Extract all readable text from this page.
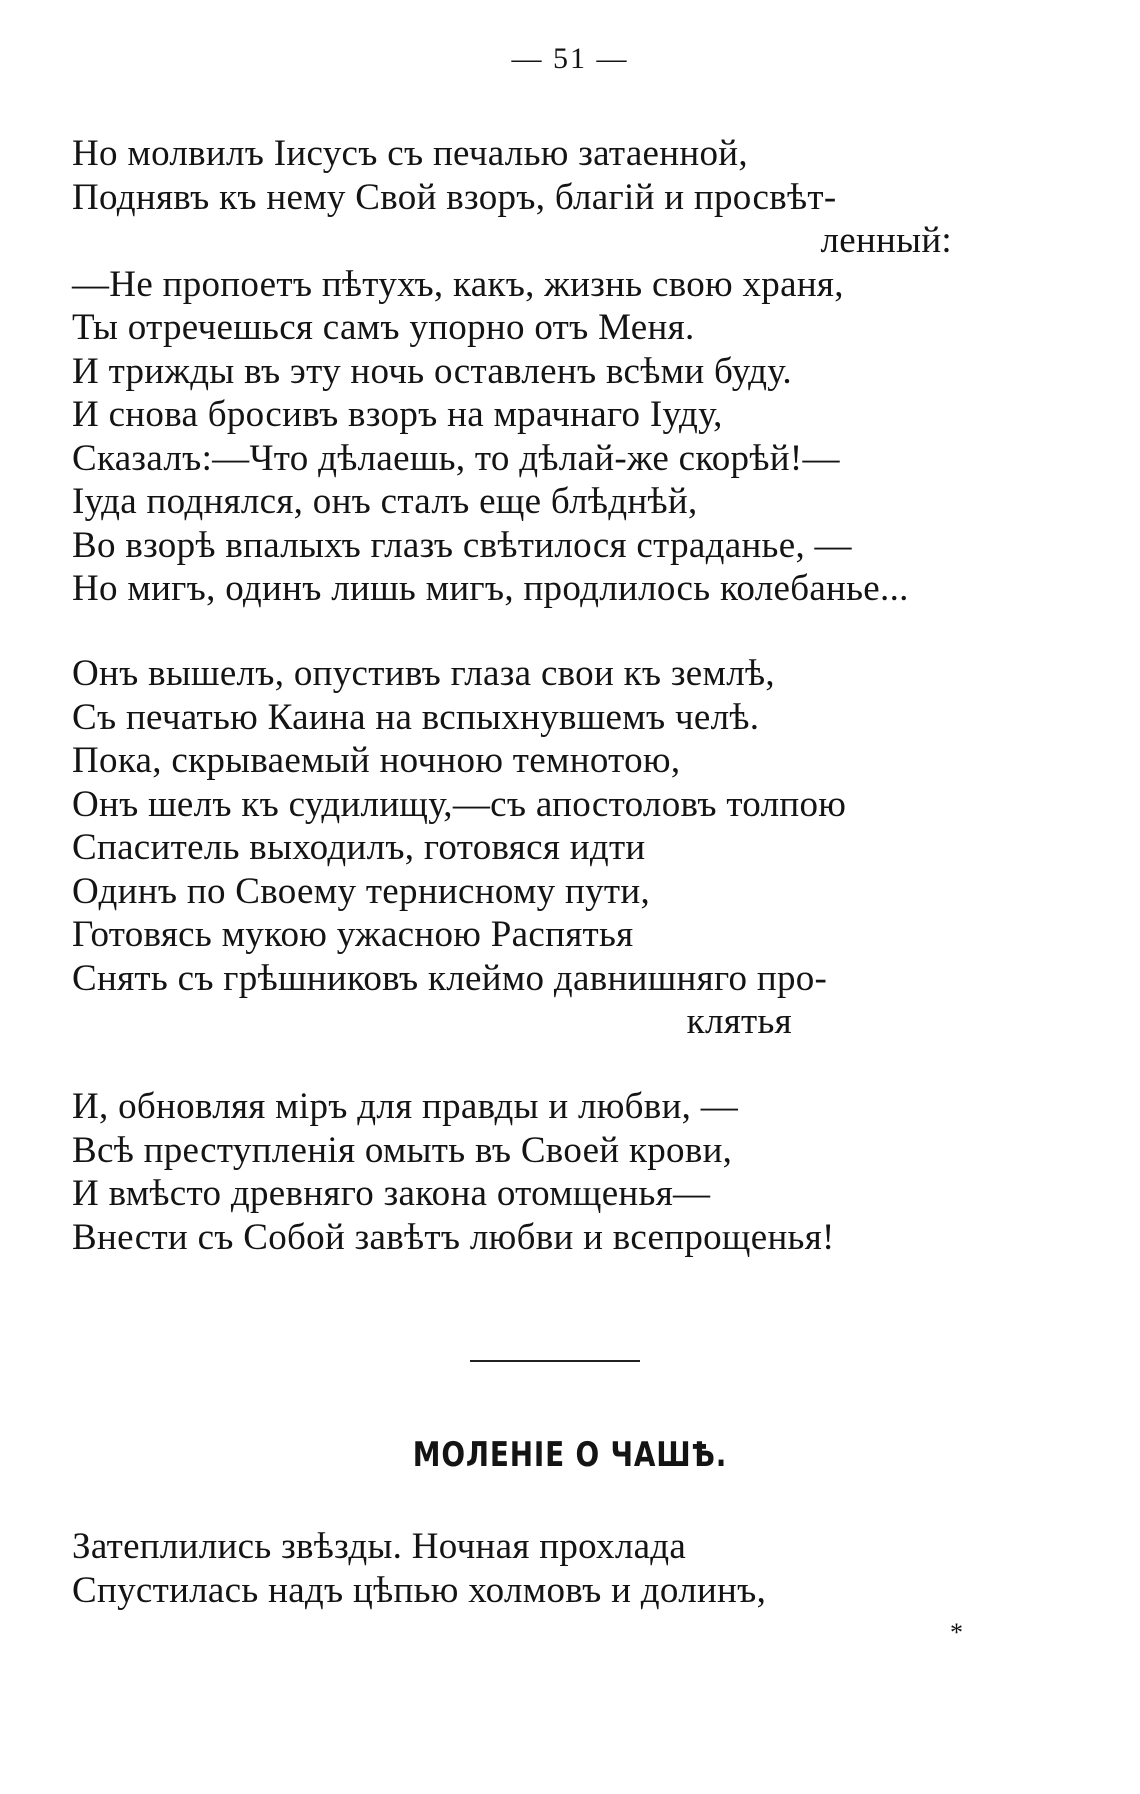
— 51 —
Но молвилъ Іисусъ съ печалью затаенной,
Поднявъ къ нему Свой взоръ, благій и просвѣт-
ленный:
—Не пропоетъ пѣтухъ, какъ, жизнь свою храня,
Ты отречешься самъ упорно отъ Меня.
И трижды въ эту ночь оставленъ всѣми буду.
И снова бросивъ взоръ на мрачнаго Іуду,
Сказалъ:—Что дѣлаешь, то дѣлай-же скорѣй!—
Іуда поднялся, онъ сталъ еще блѣднѣй,
Во взорѣ впалыхъ глазъ свѣтилося страданье, —
Но мигъ, одинъ лишь мигъ, продлилось колебанье...
Онъ вышелъ, опустивъ глаза свои къ землѣ,
Съ печатью Каина на вспыхнувшемъ челѣ.
Пока, скрываемый ночною темнотою,
Онъ шелъ къ судилищу,—съ апостоловъ толпою
Спаситель выходилъ, готовяся идти
Одинъ по Своему тернисному пути,
Готовясь мукою ужасною Распятья
Снять съ грѣшниковъ клеймо давнишняго про-
клятья
И, обновляя міръ для правды и любви, —
Всѣ преступленія омыть въ Своей крови,
И вмѣсто древняго закона отомщенья—
Внести съ Собой завѣтъ любви и всепрощенья!
МОЛЕНІЕ О ЧАШѢ.
Затеплились звѣзды. Ночная прохлада
Спустилась надъ цѣпью холмовъ и долинъ,
*
